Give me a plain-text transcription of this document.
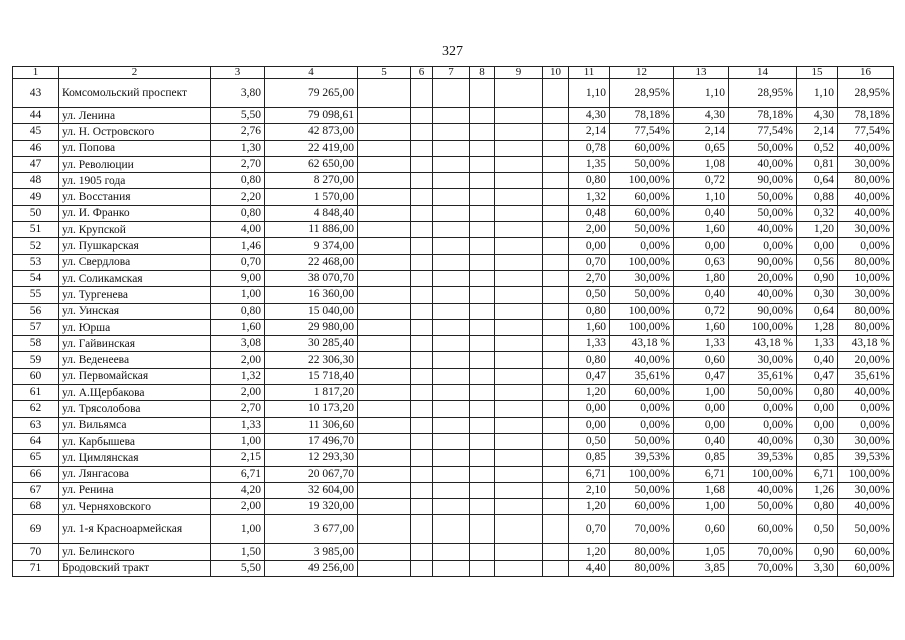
327
1	2	3	4	5	6	7	8	9	10	11	12	13	14	15	16
43	Комсомольский проспект	3,80	79 265,00							1,10	28,95%	1,10	28,95%	1,10	28,95%
44	ул. Ленина	5,50	79 098,61							4,30	78,18%	4,30	78,18%	4,30	78,18%
45	ул. Н. Островского	2,76	42 873,00							2,14	77,54%	2,14	77,54%	2,14	77,54%
46	ул. Попова	1,30	22 419,00							0,78	60,00%	0,65	50,00%	0,52	40,00%
47	ул. Революции	2,70	62 650,00							1,35	50,00%	1,08	40,00%	0,81	30,00%
48	ул. 1905 года	0,80	8 270,00							0,80	100,00%	0,72	90,00%	0,64	80,00%
49	ул. Восстания	2,20	1 570,00							1,32	60,00%	1,10	50,00%	0,88	40,00%
50	ул. И. Франко	0,80	4 848,40							0,48	60,00%	0,40	50,00%	0,32	40,00%
51	ул. Крупской	4,00	11 886,00							2,00	50,00%	1,60	40,00%	1,20	30,00%
52	ул. Пушкарская	1,46	9 374,00							0,00	0,00%	0,00	0,00%	0,00	0,00%
53	ул. Свердлова	0,70	22 468,00							0,70	100,00%	0,63	90,00%	0,56	80,00%
54	ул. Соликамская	9,00	38 070,70							2,70	30,00%	1,80	20,00%	0,90	10,00%
55	ул. Тургенева	1,00	16 360,00							0,50	50,00%	0,40	40,00%	0,30	30,00%
56	ул. Уинская	0,80	15 040,00							0,80	100,00%	0,72	90,00%	0,64	80,00%
57	ул. Юрша	1,60	29 980,00							1,60	100,00%	1,60	100,00%	1,28	80,00%
58	ул. Гайвинская	3,08	30 285,40							1,33	43,18 %	1,33	43,18 %	1,33	43,18 %
59	ул. Веденеева	2,00	22 306,30							0,80	40,00%	0,60	30,00%	0,40	20,00%
60	ул. Первомайская	1,32	15 718,40							0,47	35,61%	0,47	35,61%	0,47	35,61%
61	ул. А.Щербакова	2,00	1 817,20							1,20	60,00%	1,00	50,00%	0,80	40,00%
62	ул. Трясолобова	2,70	10 173,20							0,00	0,00%	0,00	0,00%	0,00	0,00%
63	ул. Вильямса	1,33	11 306,60							0,00	0,00%	0,00	0,00%	0,00	0,00%
64	ул. Карбышева	1,00	17 496,70							0,50	50,00%	0,40	40,00%	0,30	30,00%
65	ул. Цимлянская	2,15	12 293,30							0,85	39,53%	0,85	39,53%	0,85	39,53%
66	ул. Лянгасова	6,71	20 067,70							6,71	100,00%	6,71	100,00%	6,71	100,00%
67	ул. Ренина	4,20	32 604,00							2,10	50,00%	1,68	40,00%	1,26	30,00%
68	ул. Черняховского	2,00	19 320,00							1,20	60,00%	1,00	50,00%	0,80	40,00%
69	ул. 1-я Красноармейская	1,00	3 677,00							0,70	70,00%	0,60	60,00%	0,50	50,00%
70	ул. Белинского	1,50	3 985,00							1,20	80,00%	1,05	70,00%	0,90	60,00%
71	Бродовский тракт	5,50	49 256,00							4,40	80,00%	3,85	70,00%	3,30	60,00%
